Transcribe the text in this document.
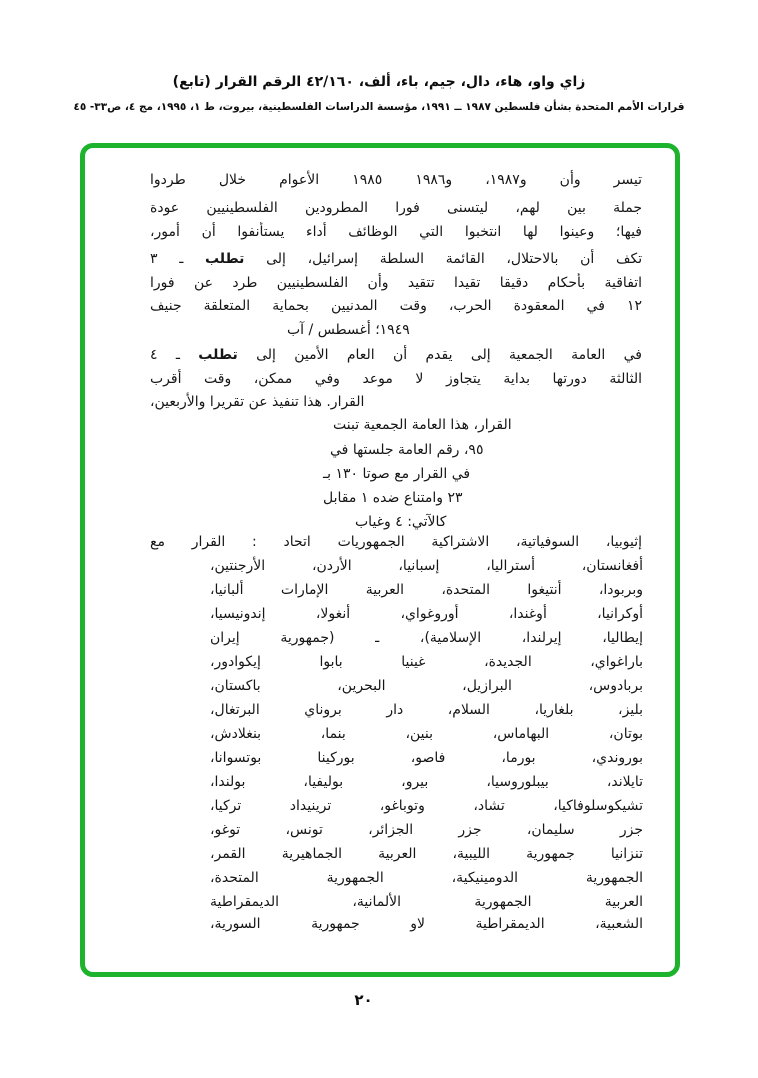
(تابع) القرار الرقم ٤٢/١٦٠ ألف، باء، جيم، دال، هاء، واو، زاي
قرارات الأمم المتحدة بشأن فلسطين ١٩٨٧ ــ ١٩٩١، مؤسسة الدراسات الفلسطينية، بيروت، ط ١، ١٩٩٥، مج ٤، ص٣٣- ٤٥
طردوا خلال الأعوام ١٩٨٥ و١٩٨٦ و١٩٨٧، وأن تيسر
عودة الفلسطينيين المطرودين فورا ليتسنى لهم، بين جملة
أمور، أن يستأنفوا أداء الوظائف التي انتخبوا لها وعينوا فيها؛
٣ ـ تطلب إلى إسرائيل، السلطة القائمة بالاحتلال، أن تكف
فورا عن طرد الفلسطينيين وأن تتقيد تقيدا دقيقا بأحكام اتفاقية
جنيف المتعلقة بحماية المدنيين وقت الحرب، المعقودة في ١٢
آب / أغسطس ١٩٤٩؛
٤ ـ تطلب إلى الأمين العام أن يقدم إلى الجمعية العامة في
أقرب وقت ممكن، وفي موعد لا يتجاوز بداية دورتها الثالثة
والأربعين، تقريرا عن تنفيذ هذا القرار.
تبنت الجمعية العامة هذا القرار،
في جلستها العامة رقم ٩٥،
بـ ١٣٠ صوتا مع القرار في
مقابل ١ ضده وامتناع ٢٣
وغياب ٤ كالآتي:
مع القرار : اتحاد الجمهوريات الاشتراكية السوفياتية، إثيوبيا،
الأرجنتين،	الأردن،	إسبانيا،	أستراليا،	أفغانستان،
ألبانيا،	الإمارات	العربية	المتحدة،	أنتيغوا	وبربودا،
إندونيسيا،	أنغولا،	أوروغواي،	أوغندا،	أوكرانيا،
إيران	(جمهورية	ـ	الإسلامية)،	إيرلندا،	إيطاليا،
إيكوادور،	بابوا	غينيا	الجديدة،	باراغواي،
باكستان،	البحرين،	البرازيل،	بربادوس،
البرتغال،	بروناي	دار	السلام،	بلغاريا،	بليز،
بنغلادش،	بنما،	بنين،	البهاماس،	بوتان،
بوتسوانا،	بوركينا	فاصو،	بورما،	بوروندي،
بولندا،	بوليفيا،	بيرو،	بيبلوروسيا،	تايلاند،
تركيا،	ترينيداد	وتوباغو،	تشاد،	تشيكوسلوفاكيا،
توغو،	تونس،	الجزائر،	جزر	سليمان،	جزر
القمر،	الجماهيرية	العربية	الليبية،	جمهورية	تنزانيا
المتحدة،	الجمهورية	الدومينيكية،	الجمهورية
الديمقراطية	الألمانية،	الجمهورية	العربية
السورية،	جمهورية	لاو	الديمقراطية	الشعبية،
٢٠
